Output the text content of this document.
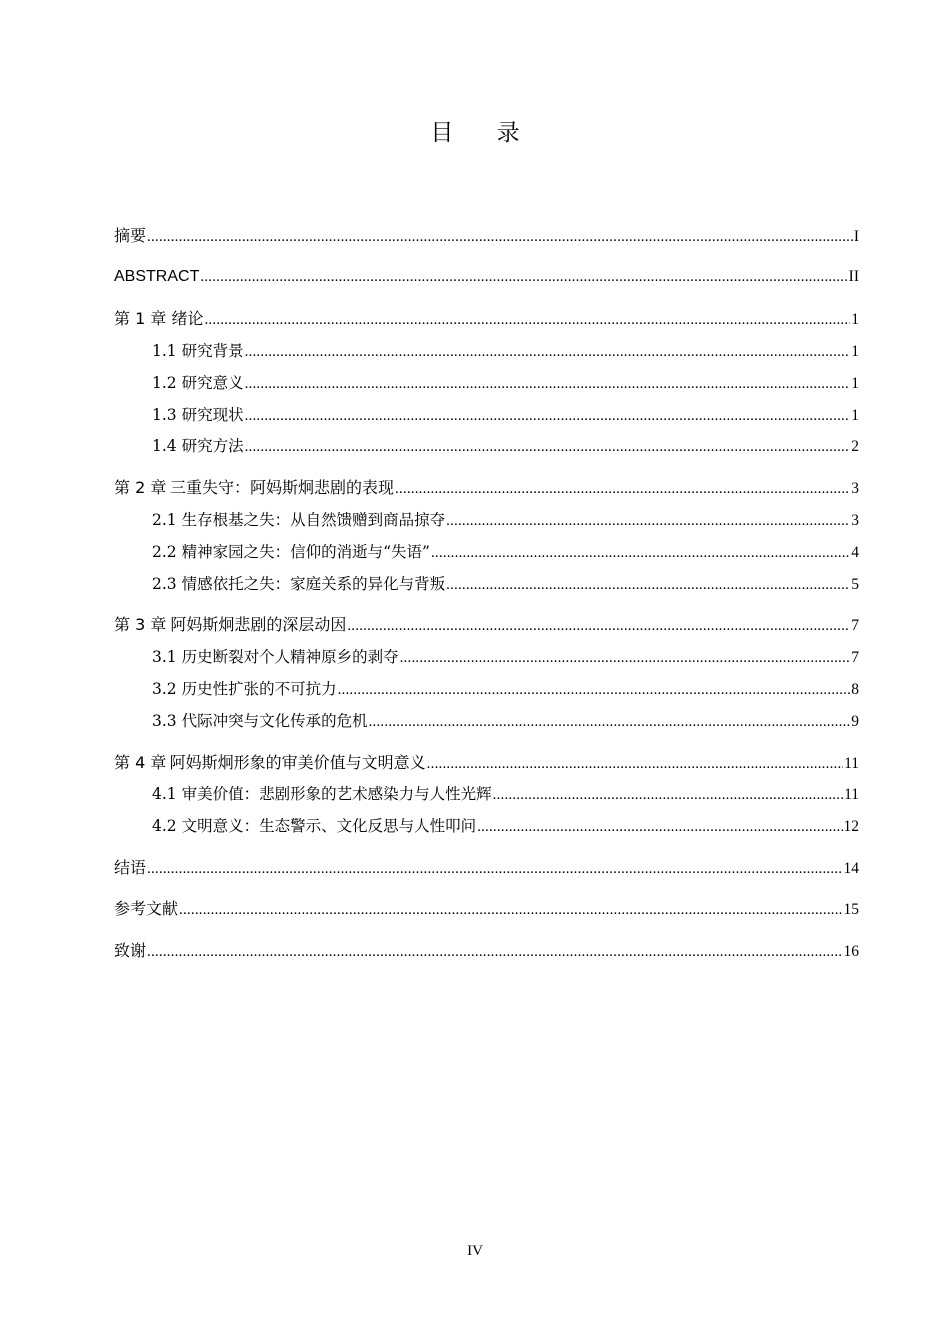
目 录
摘要 .....	I
ABSTRACT .....	II
第 1 章 绪论 .....	1
1.1 研究背景 .....	1
1.2 研究意义 .....	1
1.3 研究现状 .....	1
1.4 研究方法 .....	2
第 2 章 三重失守：阿妈斯炯悲剧的表现 .....	3
2.1 生存根基之失：从自然馈赠到商品掠夺 .....	3
2.2 精神家园之失：信仰的消逝与“失语” .....	4
2.3 情感依托之失：家庭关系的异化与背叛 .....	5
第 3 章 阿妈斯炯悲剧的深层动因 .....	7
3.1 历史断裂对个人精神原乡的剥夺 .....	7
3.2 历史性扩张的不可抗力 .....	8
3.3 代际冲突与文化传承的危机 .....	9
第 4 章 阿妈斯炯形象的审美价值与文明意义 .....	11
4.1 审美价值：悲剧形象的艺术感染力与人性光辉 .....	11
4.2 文明意义：生态警示、文化反思与人性叩问 .....	12
结语 .....	14
参考文献 .....	15
致谢 .....	16
IV
